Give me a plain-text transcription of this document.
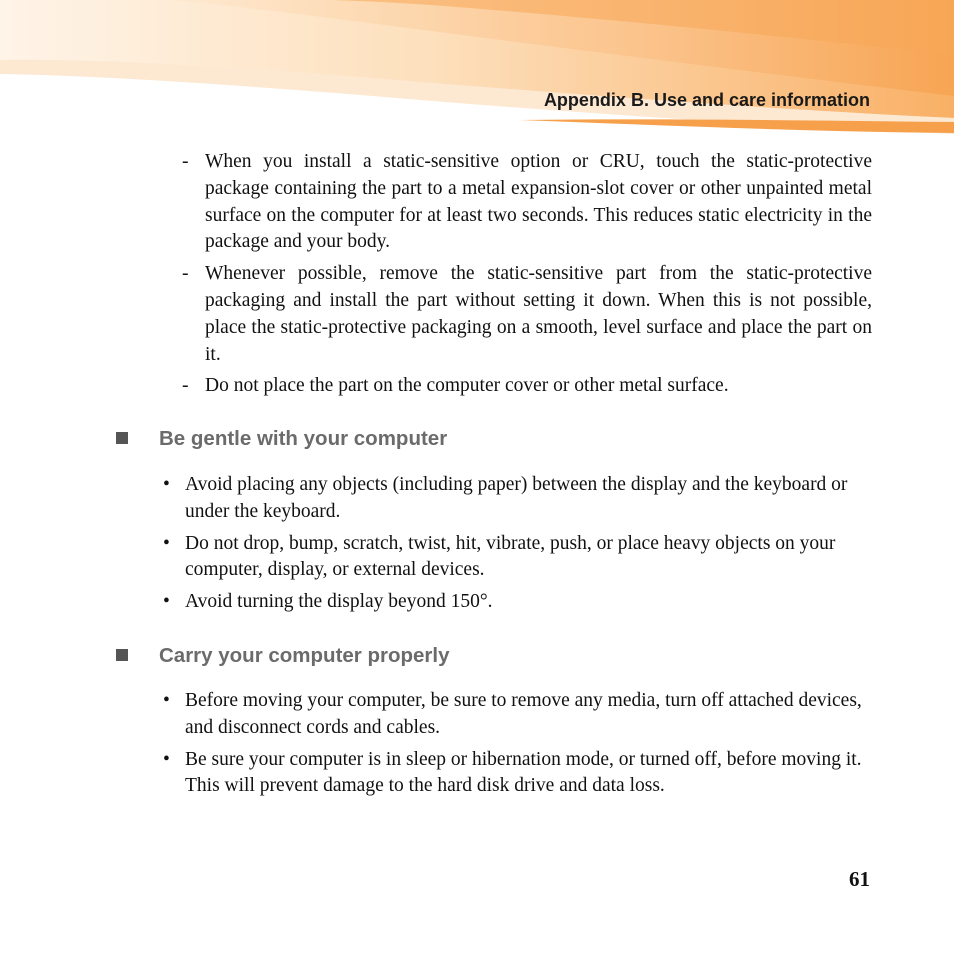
Appendix B. Use and care information
- When you install a static-sensitive option or CRU, touch the static-protective package containing the part to a metal expansion-slot cover or other unpainted metal surface on the computer for at least two seconds. This reduces static electricity in the package and your body.
- Whenever possible, remove the static-sensitive part from the static-protective packaging and install the part without setting it down. When this is not possible, place the static-protective packaging on a smooth, level surface and place the part on it.
- Do not place the part on the computer cover or other metal surface.
Be gentle with your computer
• Avoid placing any objects (including paper) between the display and the keyboard or under the keyboard.
• Do not drop, bump, scratch, twist, hit, vibrate, push, or place heavy objects on your computer, display, or external devices.
• Avoid turning the display beyond 150°.
Carry your computer properly
• Before moving your computer, be sure to remove any media, turn off attached devices, and disconnect cords and cables.
• Be sure your computer is in sleep or hibernation mode, or turned off, before moving it. This will prevent damage to the hard disk drive and data loss.
61
